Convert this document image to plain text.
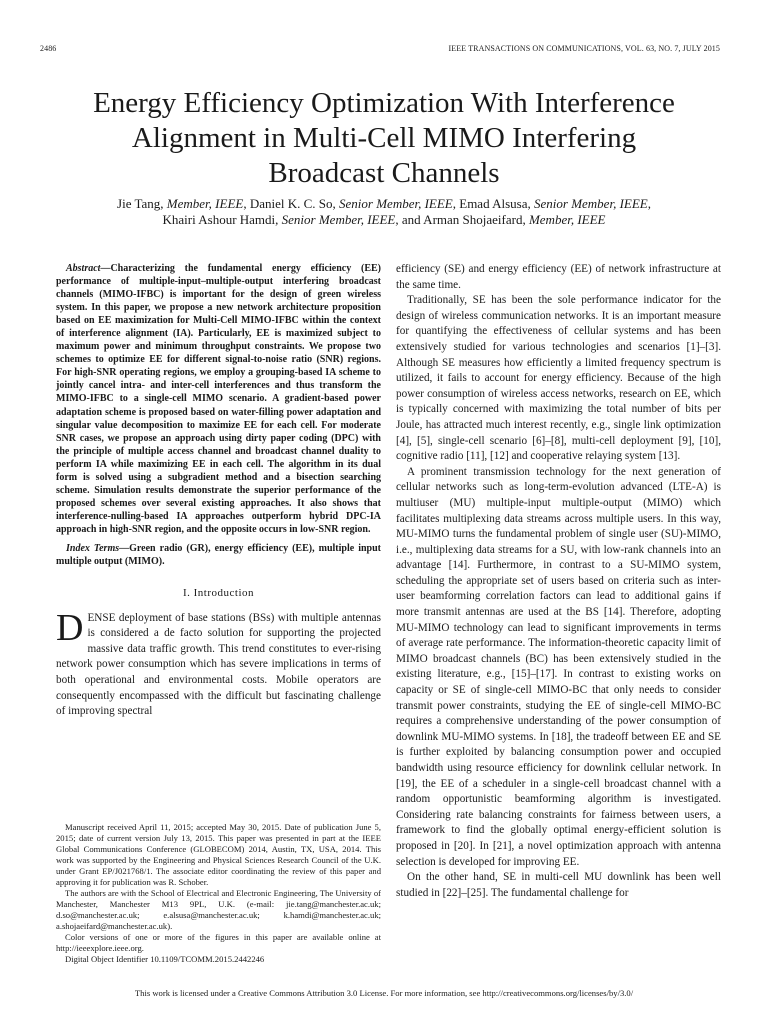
2486	IEEE TRANSACTIONS ON COMMUNICATIONS, VOL. 63, NO. 7, JULY 2015
Energy Efficiency Optimization With Interference
Alignment in Multi-Cell MIMO Interfering
Broadcast Channels
Jie Tang, Member, IEEE, Daniel K. C. So, Senior Member, IEEE, Emad Alsusa, Senior Member, IEEE,
Khairi Ashour Hamdi, Senior Member, IEEE, and Arman Shojaeifard, Member, IEEE

Abstract—Characterizing the fundamental energy efficiency (EE) performance of multiple-input–multiple-output interfering broadcast channels (MIMO-IFBC) is important for the design of green wireless system. In this paper, we propose a new network architecture proposition based on EE maximization for Multi-Cell MIMO-IFBC within the context of interference alignment (IA). Particularly, EE is maximized subject to maximum power and minimum throughput constraints. We propose two schemes to optimize EE for different signal-to-noise ratio (SNR) regions. For high-SNR operating regions, we employ a grouping-based IA scheme to jointly cancel intra- and inter-cell interferences and thus transform the MIMO-IFBC to a single-cell MIMO scenario. A gradient-based power adaptation scheme is proposed based on water-filling power adaptation and singular value decomposition to maximize EE for each cell. For moderate SNR cases, we propose an approach using dirty paper coding (DPC) with the principle of multiple access channel and broadcast channel duality to perform IA while maximizing EE in each cell. The algorithm in its dual form is solved using a subgradient method and a bisection searching scheme. Simulation results demonstrate the superior performance of the proposed schemes over several existing approaches. It also shows that interference-nulling-based IA approaches outperform hybrid DPC-IA approach in high-SNR region, and the opposite occurs in low-SNR region.

Index Terms—Green radio (GR), energy efficiency (EE), multiple input multiple output (MIMO).

I. Introduction

DENSE deployment of base stations (BSs) with multiple antennas is considered a de facto solution for supporting the projected massive data traffic growth. This trend constitutes to ever-rising network power consumption which has severe implications in terms of both operational and environmental costs. Mobile operators are consequently encompassed with the difficult but fascinating challenge of improving spectral

Manuscript received April 11, 2015; accepted May 30, 2015. Date of publication June 5, 2015; date of current version July 13, 2015. This paper was presented in part at the IEEE Global Communications Conference (GLOBECOM) 2014, Austin, TX, USA, 2014. This work was supported by the Engineering and Physical Sciences Research Council of the U.K. under Grant EP/J021768/1. The associate editor coordinating the review of this paper and approving it for publication was R. Schober.

The authors are with the School of Electrical and Electronic Engineering, The University of Manchester, Manchester M13 9PL, U.K. (e-mail: jie.tang@manchester.ac.uk; d.so@manchester.ac.uk; e.alsusa@manchester.ac.uk; k.hamdi@manchester.ac.uk; a.shojaeifard@manchester.ac.uk).

Color versions of one or more of the figures in this paper are available online at http://ieeexplore.ieee.org.

Digital Object Identifier 10.1109/TCOMM.2015.2442246

efficiency (SE) and energy efficiency (EE) of network infrastructure at the same time.

Traditionally, SE has been the sole performance indicator for the design of wireless communication networks. It is an important measure for quantifying the effectiveness of cellular systems and has been extensively studied for various technologies and scenarios [1]–[3]. Although SE measures how efficiently a limited frequency spectrum is utilized, it fails to account for energy efficiency. Because of the high power consumption of wireless access networks, research on EE, which is typically concerned with maximizing the total number of bits per Joule, has attracted much interest recently, e.g., single link optimization [4], [5], single-cell scenario [6]–[8], multi-cell deployment [9], [10], cognitive radio [11], [12] and cooperative relaying system [13].

A prominent transmission technology for the next generation of cellular networks such as long-term-evolution advanced (LTE-A) is multiuser (MU) multiple-input multiple-output (MIMO) which facilitates multiplexing data streams across multiple users. In this way, MU-MIMO turns the fundamental problem of single user (SU)-MIMO, i.e., multiplexing data streams for a SU, with low-rank channels into an advantage [14]. Furthermore, in contrast to a SU-MIMO system, scheduling the appropriate set of users based on criteria such as inter-user beamforming correlation factors can lead to additional gains if more transmit antennas are used at the BS [14]. Therefore, adopting MU-MIMO technology can lead to significant improvements in terms of average rate performance. The information-theoretic capacity limit of MIMO broadcast channels (BC) has been extensively studied in the existing literature, e.g., [15]–[17]. In contrast to existing works on capacity or SE of single-cell MIMO-BC that only needs to consider transmit power constraints, studying the EE of single-cell MIMO-BC requires a comprehensive understanding of the power consumption of downlink MU-MIMO systems. In [18], the tradeoff between EE and SE is further exploited by balancing consumption power and occupied bandwidth using resource efficiency for downlink cellular network. In [19], the EE of a scheduler in a single-cell broadcast channel with a random opportunistic beamforming algorithm is investigated. Considering rate balancing constraints for fairness between users, a framework to find the globally optimal energy-efficient solution is proposed in [20]. In [21], a novel optimization approach with antenna selection is developed for improving EE.

On the other hand, SE in multi-cell MU downlink has been well studied in [22]–[25]. The fundamental challenge for

This work is licensed under a Creative Commons Attribution 3.0 License. For more information, see http://creativecommons.org/licenses/by/3.0/
